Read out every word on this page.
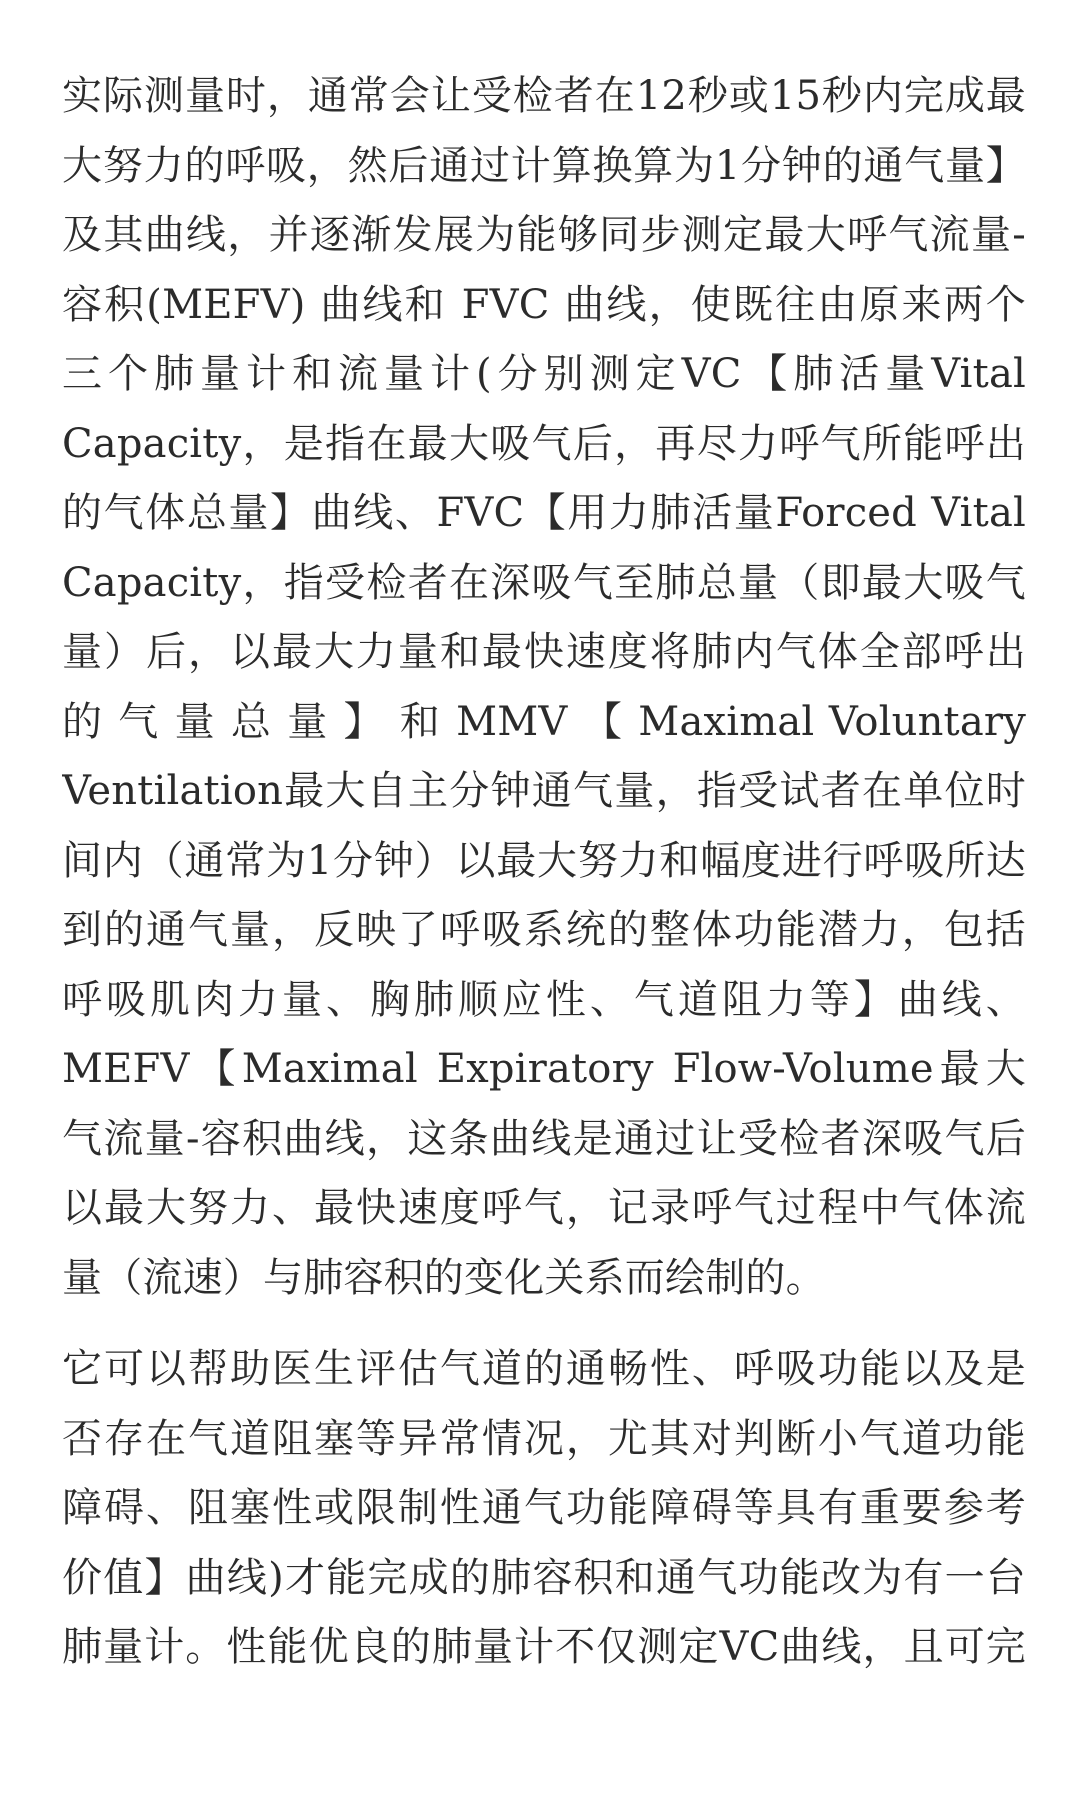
实际测量时，通常会让受检者在12秒或15秒内完成最
大努力的呼吸，然后通过计算换算为1分钟的通气量】
及其曲线，并逐渐发展为能够同步测定最大呼气流量-
容积(MEFV) 曲线和 FVC 曲线，使既往由原来两个
三个肺量计和流量计(分别测定VC【肺活量Vital
Capacity，是指在最大吸气后，再尽力呼气所能呼出
的气体总量】曲线、FVC【用力肺活量Forced Vital
Capacity，指受检者在深吸气至肺总量（即最大吸气
量）后，以最大力量和最快速度将肺内气体全部呼出
的 气 量 总 量 】 和 MMV 【 Maximal Voluntary
Ventilation最大自主分钟通气量，指受试者在单位时
间内（通常为1分钟）以最大努力和幅度进行呼吸所达
到的通气量，反映了呼吸系统的整体功能潜力，包括
呼吸肌肉力量、胸肺顺应性、气道阻力等】曲线、
MEFV【Maximal Expiratory Flow-Volume最大
气流量-容积曲线，这条曲线是通过让受检者深吸气后
以最大努力、最快速度呼气，记录呼气过程中气体流
量（流速）与肺容积的变化关系而绘制的。
它可以帮助医生评估气道的通畅性、呼吸功能以及是
否存在气道阻塞等异常情况，尤其对判断小气道功能
障碍、阻塞性或限制性通气功能障碍等具有重要参考
价值】曲线)才能完成的肺容积和通气功能改为有一台
肺量计。性能优良的肺量计不仅测定VC曲线，且可完
